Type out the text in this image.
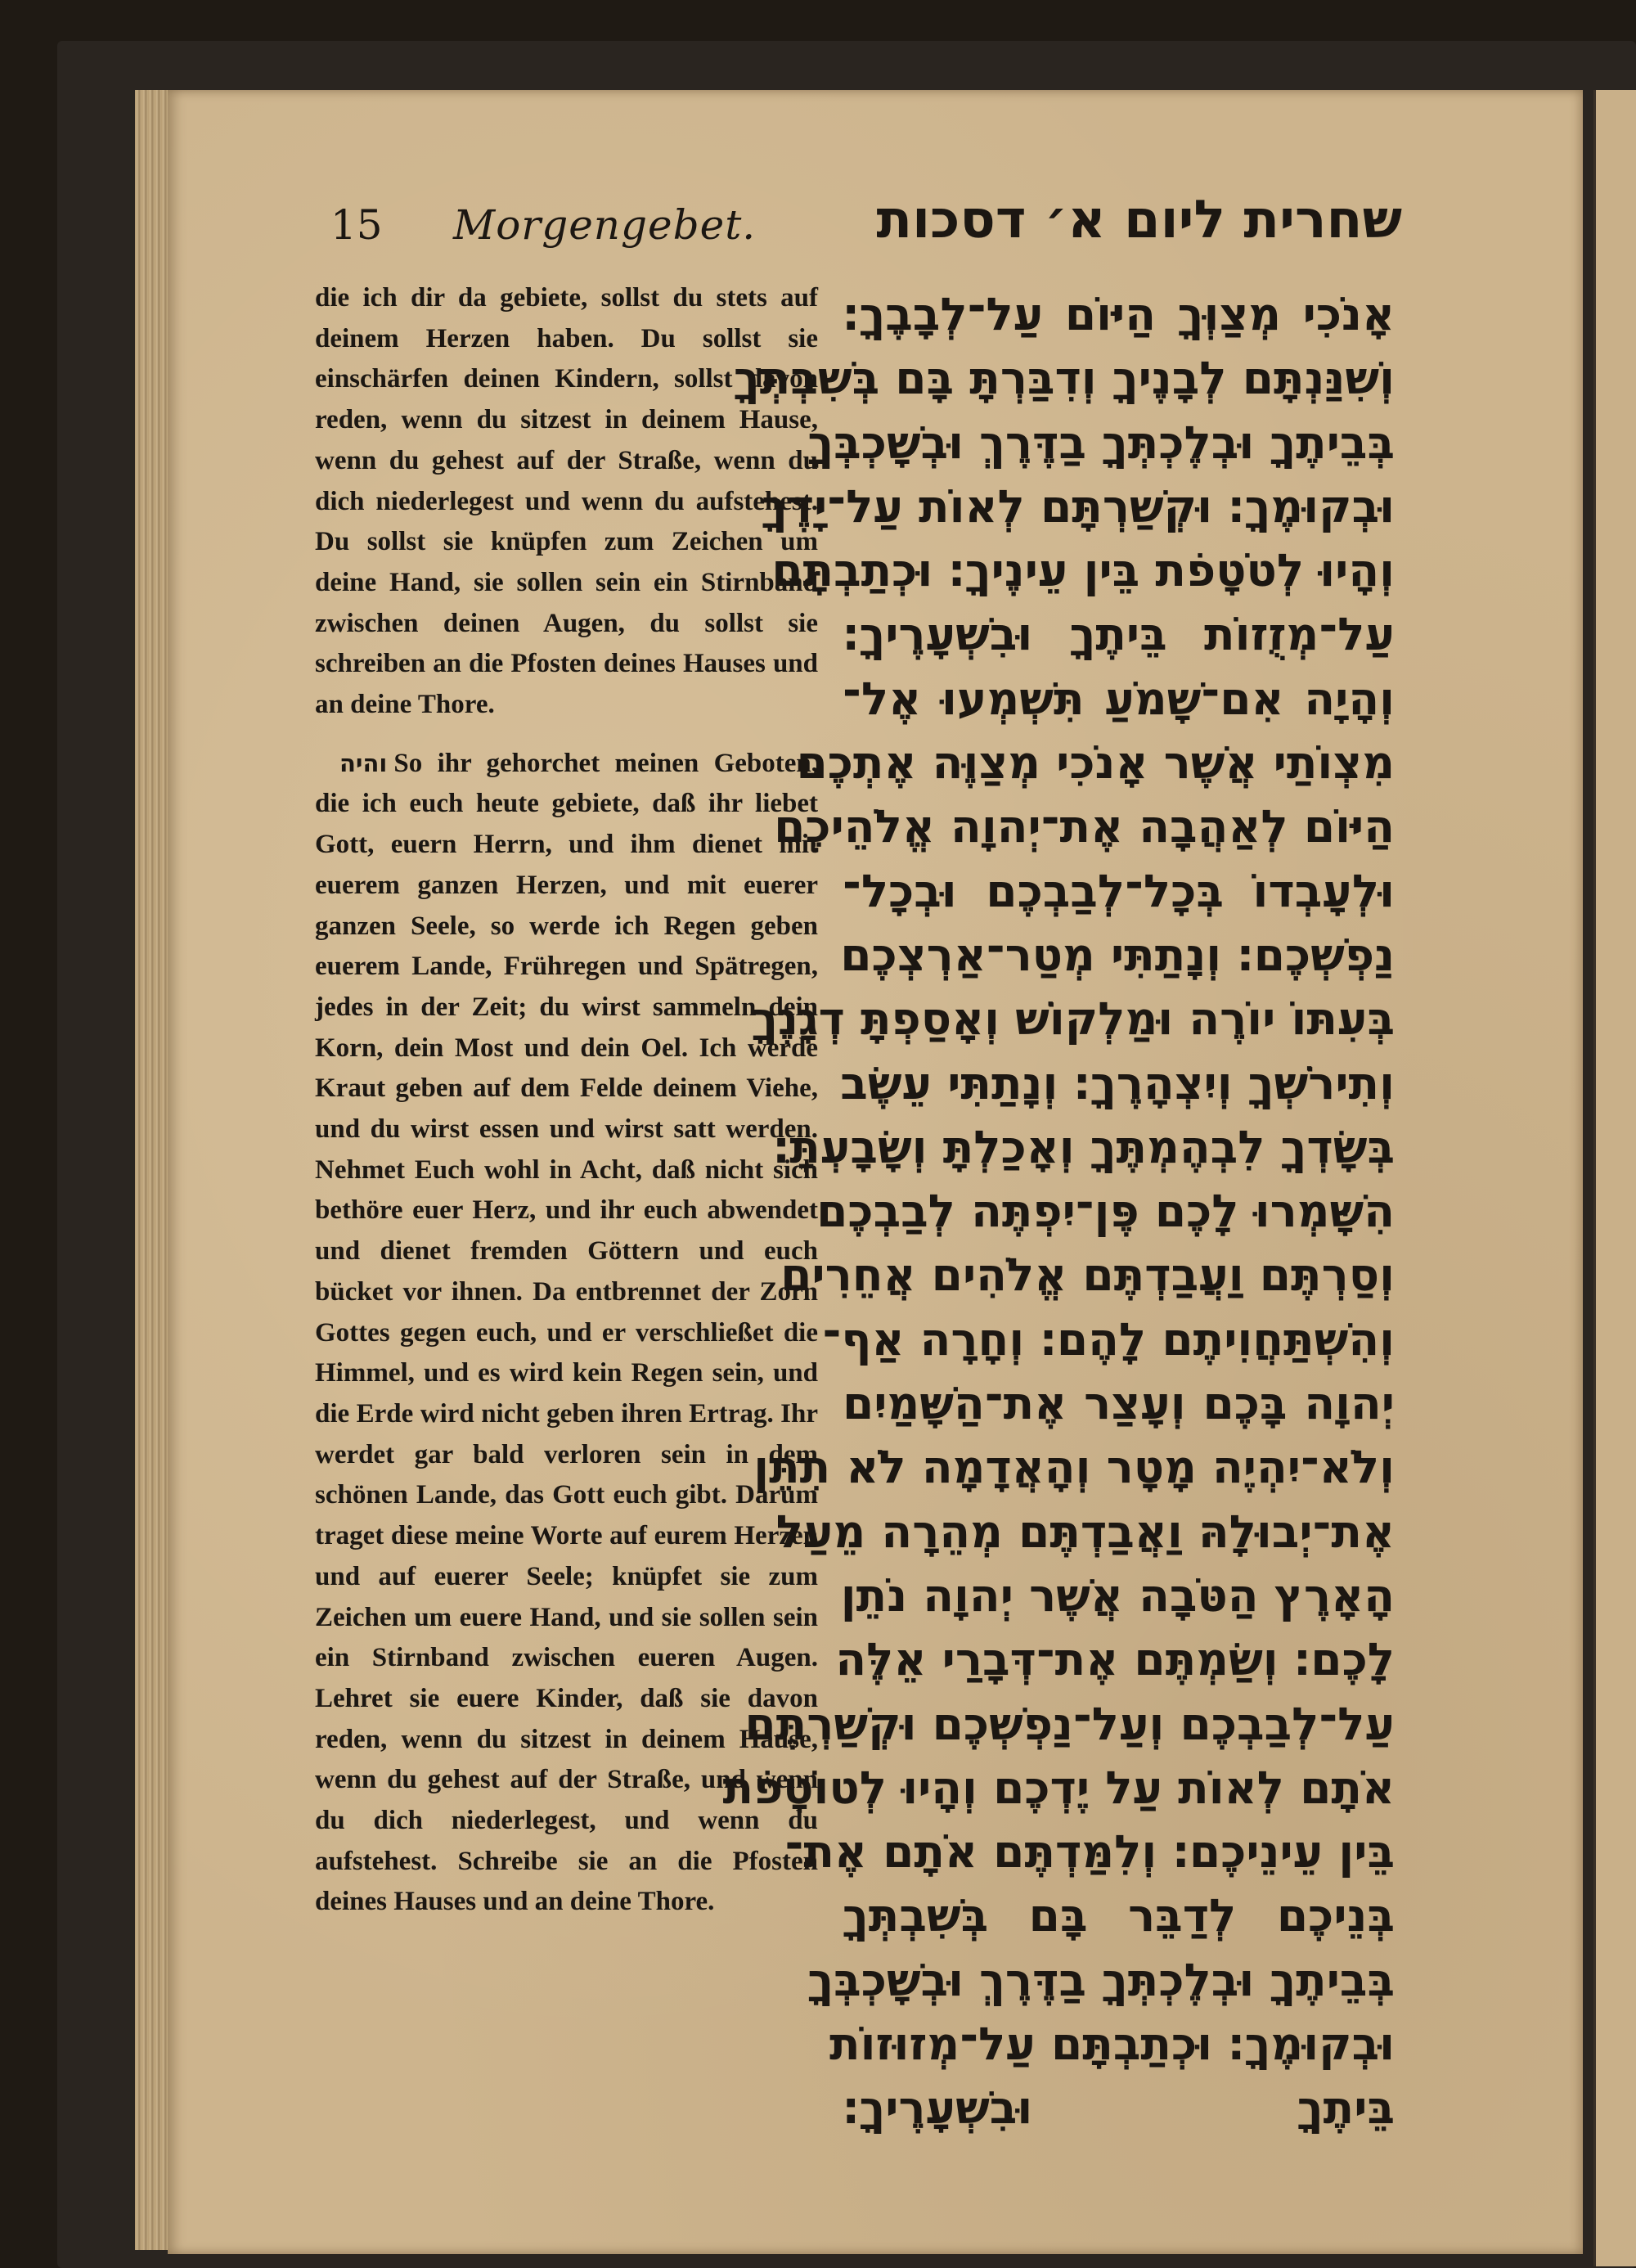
15 Morgengebet. שחרית ליום א׳ דסכות

die ich dir da gebiete, sollst du stets auf deinem Herzen haben. Du sollst sie einschärfen deinen Kindern, sollst davon reden, wenn du sitzest in deinem Hause, wenn du gehest auf der Straße, wenn du dich niederlegest und wenn du aufstehest. Du sollst sie knüpfen zum Zeichen um deine Hand, sie sollen sein ein Stirnband zwischen deinen Augen, du sollst sie schreiben an die Pfosten deines Hauses und an deine Thore.

והיה So ihr gehorchet meinen Geboten, die ich euch heute gebiete, daß ihr liebet Gott, euern Herrn, und ihm dienet mit euerem ganzen Herzen, und mit euerer ganzen Seele, so werde ich Regen geben euerem Lande, Frühregen und Spätregen, jedes in der Zeit; du wirst sammeln dein Korn, dein Most und dein Oel. Ich werde Kraut geben auf dem Felde deinem Viehe, und du wirst essen und wirst satt werden. Nehmet Euch wohl in Acht, daß nicht sich bethöre euer Herz, und ihr euch abwendet und dienet fremden Göttern und euch bücket vor ihnen. Da entbrennet der Zorn Gottes gegen euch, und er verschließet die Himmel, und es wird kein Regen sein, und die Erde wird nicht geben ihren Ertrag. Ihr werdet gar bald verloren sein in dem schönen Lande, das Gott euch gibt. Darum traget diese meine Worte auf eurem Herzen und auf euerer Seele; knüpfet sie zum Zeichen um euere Hand, und sie sollen sein ein Stirnband zwischen eueren Augen. Lehret sie euere Kinder, daß sie davon reden, wenn du sitzest in deinem Hause, wenn du gehest auf der Straße, und wenn du dich niederlegest, und wenn du aufstehest. Schreibe sie an die Pfosten deines Hauses und an deine Thore.

אָנֹכִי מְצַוְּךָ הַיּוֹם עַל־לְבָבֶךָ׃
וְשִׁנַּנְתָּם לְבָנֶיךָ וְדִבַּרְתָּ בָּם בְּשִׁבְתְּךָ
בְּבֵיתֶךָ וּבְלֶכְתְּךָ בַדֶּרֶךְ וּבְשָׁכְבְּךָ
וּבְקוּמֶךָ׃ וּקְשַׁרְתָּם לְאוֹת עַל־יָדֶךָ
וְהָיוּ לְטֹטָפֹת בֵּין עֵינֶיךָ׃ וּכְתַבְתָּם
עַל־מְזֻזוֹת בֵּיתֶךָ וּבִשְׁעָרֶיךָ׃
וְהָיָה אִם־שָׁמֹעַ תִּשְׁמְעוּ אֶל־
מִצְוֹתַי אֲשֶׁר אָנֹכִי מְצַוֶּה אֶתְכֶם
הַיּוֹם לְאַהֲבָה אֶת־יְהוָה אֱלֹהֵיכֶם
וּלְעָבְדוֹ בְּכָל־לְבַבְכֶם וּבְכָל־
נַפְשְׁכֶם׃ וְנָתַתִּי מְטַר־אַרְצְכֶם
בְּעִתּוֹ יוֹרֶה וּמַלְקוֹשׁ וְאָסַפְתָּ דְגָנֶךָ
וְתִירֹשְׁךָ וְיִצְהָרֶךָ׃ וְנָתַתִּי עֵשֶׂב
בְּשָׂדְךָ לִבְהֶמְתֶּךָ וְאָכַלְתָּ וְשָׂבָעְתָּ׃
הִשָּׁמְרוּ לָכֶם פֶּן־יִפְתֶּה לְבַבְכֶם
וְסַרְתֶּם וַעֲבַדְתֶּם אֱלֹהִים אֲחֵרִים
וְהִשְׁתַּחֲוִיתֶם לָהֶם׃ וְחָרָה אַף־
יְהוָה בָּכֶם וְעָצַר אֶת־הַשָּׁמַיִם
וְלֹא־יִהְיֶה מָטָר וְהָאֲדָמָה לֹא תִתֵּן
אֶת־יְבוּלָהּ וַאֲבַדְתֶּם מְהֵרָה מֵעַל
הָאָרֶץ הַטֹּבָה אֲשֶׁר יְהוָה נֹתֵן
לָכֶם׃ וְשַׂמְתֶּם אֶת־דְּבָרַי אֵלֶּה
עַל־לְבַבְכֶם וְעַל־נַפְשְׁכֶם וּקְשַׁרְתֶּם
אֹתָם לְאוֹת עַל יֶדְכֶם וְהָיוּ לְטוֹטָפֹת
בֵּין עֵינֵיכֶם׃ וְלִמַּדְתֶּם אֹתָם אֶת־
בְּנֵיכֶם לְדַבֵּר בָּם בְּשִׁבְתְּךָ
בְּבֵיתֶךָ וּבְלֶכְתְּךָ בַדֶּרֶךְ וּבְשָׁכְבְּךָ
וּבְקוּמֶךָ׃ וּכְתַבְתָּם עַל־מְזוּזוֹת
בֵּיתֶךָ וּבִשְׁעָרֶיךָ׃
